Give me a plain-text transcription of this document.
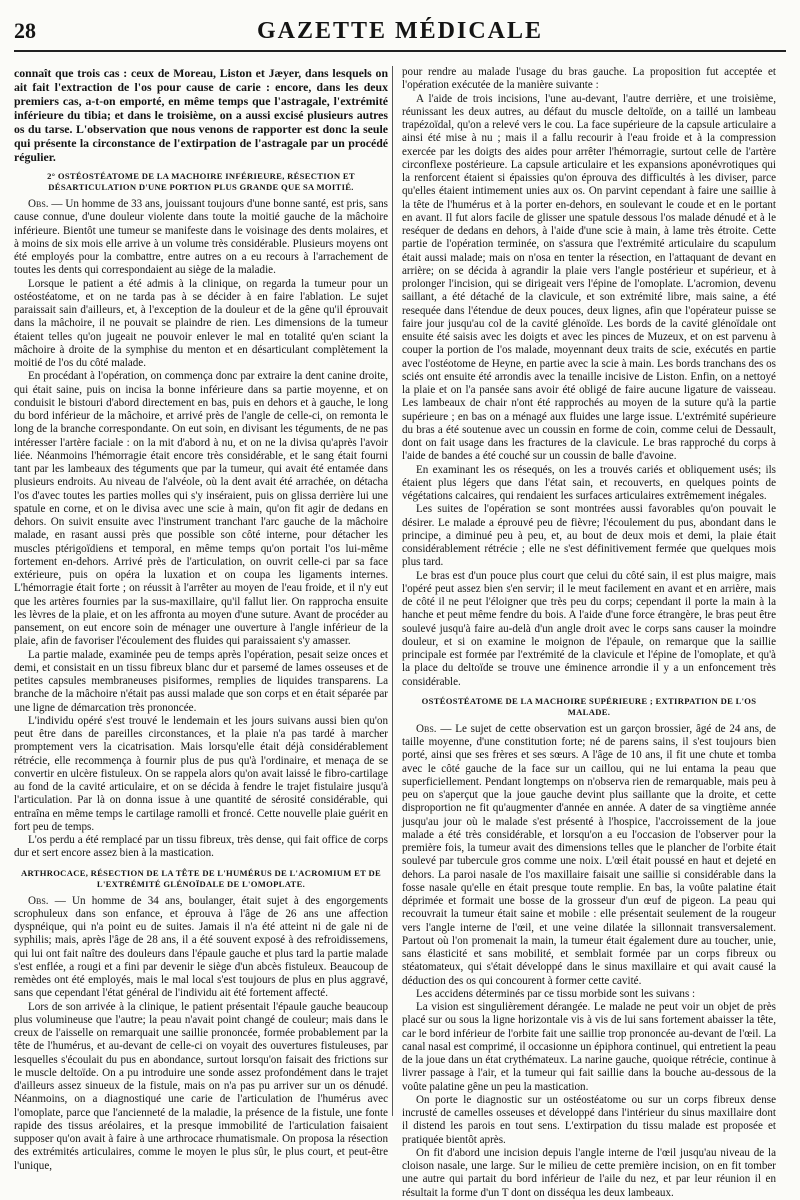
28	GAZETTE MÉDICALE

connaît que trois cas : ceux de Moreau, Liston et Jæyer, dans lesquels on ait fait l'extraction de l'os pour cause de carie : encore, dans les deux premiers cas, a-t-on emporté, en même temps que l'astragale, l'extrémité inférieure du tibia; et dans le troisième, on a aussi excisé plusieurs autres os du tarse. L'observation que nous venons de rapporter est donc la seule qui présente la circonstance de l'extirpation de l'astragale par un procédé régulier.

2° OSTÉOSTÉATOME DE LA MACHOIRE INFÉRIEURE, RÉSECTION ET DÉSARTICULATION D'UNE PORTION PLUS GRANDE QUE SA MOITIÉ.

Obs. — Un homme de 33 ans, jouissant toujours d'une bonne santé, est pris, sans cause connue, d'une douleur violente dans toute la moitié gauche de la mâchoire inférieure. Bientôt une tumeur se manifeste dans le voisinage des dents molaires, et à moins de six mois elle arrive à un volume très considérable. Plusieurs moyens ont été employés pour la combattre, entre autres on a eu recours à l'arrachement de toutes les dents qui correspondaient au siège de la maladie.

Lorsque le patient a été admis à la clinique, on regarda la tumeur pour un ostéostéatome, et on ne tarda pas à se décider à en faire l'ablation. Le sujet paraissait sain d'ailleurs, et, à l'exception de la douleur et de la gêne qu'il éprouvait dans la mâchoire, il ne pouvait se plaindre de rien. Les dimensions de la tumeur étaient telles qu'on jugeait ne pouvoir enlever le mal en totalité qu'en sciant la mâchoire à droite de la symphise du menton et en désarticulant complètement la moitié de l'os du côté malade.

En procédant à l'opération, on commença donc par extraire la dent canine droite, qui était saine, puis on incisa la bonne inférieure dans sa partie moyenne, et on conduisit le bistouri d'abord directement en bas, puis en dehors et à gauche, le long du bord inférieur de la mâchoire, et arrivé près de l'angle de celle-ci, on remonta le long de la branche correspondante. On eut soin, en divisant les téguments, de ne pas intéresser l'artère faciale : on la mit d'abord à nu, et on ne la divisa qu'après l'avoir liée. Néanmoins l'hémorragie était encore très considérable, et le sang était fourni tant par les lambeaux des téguments que par la tumeur, qui avait été entamée dans plusieurs endroits. Au niveau de l'alvéole, où la dent avait été arrachée, on détacha l'os d'avec toutes les parties molles qui s'y inséraient, puis on glissa derrière lui une spatule en corne, et on le divisa avec une scie à main, qu'on fit agir de dedans en dehors. On suivit ensuite avec l'instrument tranchant l'arc gauche de la mâchoire malade, en rasant aussi près que possible son côté interne, pour détacher les muscles ptérigoïdiens et temporal, en même temps qu'on portait l'os lui-même fortement en-dehors. Arrivé près de l'articulation, on ouvrit celle-ci par sa face extérieure, puis on opéra la luxation et on coupa les ligaments internes. L'hémorragie était forte ; on réussit à l'arrêter au moyen de l'eau froide, et il n'y eut que les artères fournies par la sus-maxillaire, qu'il fallut lier. On rapprocha ensuite les lèvres de la plaie, et on les affronta au moyen d'une suture. Avant de procéder au pansement, on eut encore soin de ménager une ouverture à l'angle inférieur de la plaie, afin de favoriser l'écoulement des fluides qui paraissaient s'y amasser.

La partie malade, examinée peu de temps après l'opération, pesait seize onces et demi, et consistait en un tissu fibreux blanc dur et parsemé de lames osseuses et de petites capsules membraneuses pisiformes, remplies de liquides transparens. La branche de la mâchoire n'était pas aussi malade que son corps et en était séparée par une ligne de démarcation très prononcée.

L'individu opéré s'est trouvé le lendemain et les jours suivans aussi bien qu'on peut être dans de pareilles circonstances, et la plaie n'a pas tardé à marcher promptement vers la cicatrisation. Mais lorsqu'elle était déjà considérablement rétrécie, elle recommença à fournir plus de pus qu'à l'ordinaire, et menaça de se convertir en ulcère fistuleux. On se rappela alors qu'on avait laissé le fibro-cartilage au fond de la cavité articulaire, et on se décida à fendre le trajet fistulaire jusqu'à l'articulation. Par là on donna issue à une quantité de sérosité considérable, qui entraîna en même temps le cartilage ramolli et froncé. Cette nouvelle plaie guérit en fort peu de temps.

L'os perdu a été remplacé par un tissu fibreux, très dense, qui fait office de corps dur et sert encore assez bien à la mastication.

ARTHROCACE, RÉSECTION DE LA TÊTE DE L'HUMÉRUS DE L'ACROMIUM ET DE L'EXTRÉMITÉ GLÉNOÏDALE DE L'OMOPLATE.

Obs. — Un homme de 34 ans, boulanger, était sujet à des engorgements scrophuleux dans son enfance, et éprouva à l'âge de 26 ans une affection dyspnéique, qui n'a point eu de suites. Jamais il n'a été atteint ni de gale ni de syphilis; mais, après l'âge de 28 ans, il a été souvent exposé à des refroidissemens, qui lui ont fait naître des douleurs dans l'épaule gauche et plus tard la partie malade s'est enflée, a rougi et a fini par devenir le siège d'un abcès fistuleux. Beaucoup de remèdes ont été employés, mais le mal local s'est toujours de plus en plus aggravé, sans que cependant l'état général de l'individu ait été fortement affecté.

Lors de son arrivée à la clinique, le patient présentait l'épaule gauche beaucoup plus volumineuse que l'autre; la peau n'avait point changé de couleur; mais dans le creux de l'aisselle on remarquait une saillie prononcée, formée probablement par la tête de l'humérus, et au-devant de celle-ci on voyait des ouvertures fistuleuses, par lesquelles s'écoulait du pus en abondance, surtout lorsqu'on faisait des frictions sur le muscle deltoïde. On a pu introduire une sonde assez profondément dans le trajet d'ailleurs assez sinueux de la fistule, mais on n'a pas pu arriver sur un os dénudé. Néanmoins, on a diagnostiqué une carie de l'articulation de l'humérus avec l'omoplate, parce que l'ancienneté de la maladie, la présence de la fistule, une fonte rapide des tissus aréolaires, et la presque immobilité de l'articulation faisaient supposer qu'on avait à faire à une arthrocace rhumatismale. On proposa la résection des extrémités articulaires, comme le moyen le plus sûr, le plus court, et peut-être l'unique,

pour rendre au malade l'usage du bras gauche. La proposition fut acceptée et l'opération exécutée de la manière suivante :

A l'aide de trois incisions, l'une au-devant, l'autre derrière, et une troisième, réunissant les deux autres, au défaut du muscle deltoïde, on a taillé un lambeau trapézoïdal, qu'on a relevé vers le cou. La face supérieure de la capsule articulaire a ainsi été mise à nu ; mais il a fallu recourir à l'eau froide et à la compression exercée par les doigts des aides pour arrêter l'hémorragie, surtout celle de l'artère circonflexe postérieure. La capsule articulaire et les expansions aponévrotiques qui la renforcent étaient si épaissies qu'on éprouva des difficultés à les diviser, parce qu'elles étaient intimement unies aux os. On parvint cependant à faire une saillie à la tête de l'humérus et à la porter en-dehors, en soulevant le coude et en le portant en avant. Il fut alors facile de glisser une spatule dessous l'os malade dénudé et à le reséquer de dedans en dehors, à l'aide d'une scie à main, à lame très étroite. Cette partie de l'opération terminée, on s'assura que l'extrémité articulaire du scapulum était aussi malade; mais on n'osa en tenter la résection, en l'attaquant de devant en arrière; on se décida à agrandir la plaie vers l'angle postérieur et supérieur, et à prolonger l'incision, qui se dirigeait vers l'épine de l'omoplate. L'acromion, devenu saillant, a été détaché de la clavicule, et son extrémité libre, mais saine, a été resequée dans l'étendue de deux pouces, deux lignes, afin que l'opérateur puisse se faire jour jusqu'au col de la cavité glénoïde. Les bords de la cavité glénoïdale ont ensuite été saisis avec les doigts et avec les pinces de Muzeux, et on est parvenu à couper la portion de l'os malade, moyennant deux traits de scie, exécutés en partie avec l'ostéotome de Heyne, en partie avec la scie à main. Les bords tranchans des os sciés ont ensuite été arrondis avec la tenaille incisive de Liston. Enfin, on a nettoyé la plaie et on l'a pansée sans avoir été obligé de faire aucune ligature de vaisseau. Les lambeaux de chair n'ont été rapprochés au moyen de la suture qu'à la partie supérieure ; en bas on a ménagé aux fluides une large issue. L'extrémité supérieure du bras a été soutenue avec un coussin en forme de coin, comme celui de Dessault, dont on fait usage dans les fractures de la clavicule. Le bras rapproché du corps à l'aide de bandes a été couché sur un coussin de balle d'avoine.

En examinant les os résequés, on les a trouvés cariés et obliquement usés; ils étaient plus légers que dans l'état sain, et recouverts, en quelques points de végétations calcaires, qui rendaient les surfaces articulaires extrêmement inégales.

Les suites de l'opération se sont montrées aussi favorables qu'on pouvait le désirer. Le malade a éprouvé peu de fièvre; l'écoulement du pus, abondant dans le principe, a diminué peu à peu, et, au bout de deux mois et demi, la plaie était considérablement rétrécie ; elle ne s'est définitivement fermée que quelques mois plus tard.

Le bras est d'un pouce plus court que celui du côté sain, il est plus maigre, mais l'opéré peut assez bien s'en servir; il le meut facilement en avant et en arrière, mais de côté il ne peut l'éloigner que très peu du corps; cependant il porte la main à la hanche et peut même fendre du bois. A l'aide d'une force étrangère, le bras peut être soulevé jusqu'à faire au-delà d'un angle droit avec le corps sans causer la moindre douleur, et si on examine le moignon de l'épaule, on remarque que la saillie principale est formée par l'extrémité de la clavicule et l'épine de l'omoplate, et qu'à la place du deltoïde se trouve une éminence arrondie il y a un enfoncement très considérable.

OSTÉOSTÉATOME DE LA MACHOIRE SUPÉRIEURE ; EXTIRPATION DE L'OS MALADE.

Obs. — Le sujet de cette observation est un garçon brossier, âgé de 24 ans, de taille moyenne, d'une constitution forte; né de parens sains, il s'est toujours bien porté, ainsi que ses frères et ses sœurs. A l'âge de 10 ans, il fit une chute et tomba avec le côté gauche de la face sur un caillou, qui ne lui entama la peau que superficiellement. Pendant longtemps on n'observa rien de remarquable, mais peu à peu on s'aperçut que la joue gauche devint plus saillante que la droite, et cette disproportion ne fit qu'augmenter d'année en année. A dater de sa vingtième année jusqu'au jour où le malade s'est présenté à l'hospice, l'accroissement de la joue malade a été très considérable, et lorsqu'on a eu l'occasion de l'observer pour la première fois, la tumeur avait des dimensions telles que le plancher de l'orbite était soulevé par tubercule gros comme une noix. L'œil était poussé en haut et dejeté en dehors. La paroi nasale de l'os maxillaire faisait une saillie si considérable dans la fosse nasale qu'elle en était presque toute remplie. En bas, la voûte palatine était déprimée et formait une bosse de la grosseur d'un œuf de pigeon. La peau qui recouvrait la tumeur était saine et mobile : elle présentait seulement de la rougeur vers l'angle interne de l'œil, et une veine dilatée la sillonnait transversalement. Partout où l'on promenait la main, la tumeur était également dure au toucher, unie, sans élasticité et sans mobilité, et semblait formée par un corps fibreux ou stéatomateux, qui s'était développé dans le sinus maxillaire et qui avait causé la déduction des os qui concourent à former cette cavité.

Les accidens déterminés par ce tissu morbide sont les suivans :

La vision est singulièrement dérangée. Le malade ne peut voir un objet de près placé sur ou sous la ligne horizontale vis à vis de lui sans fortement abaisser la tête, car le bord inférieur de l'orbite fait une saillie trop prononcée au-devant de l'œil. La canal nasal est comprimé, il occasionne un épiphora continuel, qui entretient la peau de la joue dans un état crythémateux. La narine gauche, quoique rétrécie, continue à livrer passage à l'air, et la tumeur qui fait saillie dans la bouche au-dessous de la voûte palatine gêne un peu la mastication.

On porte le diagnostic sur un ostéostéatome ou sur un corps fibreux dense incrusté de camelles osseuses et développé dans l'intérieur du sinus maxillaire dont il distend les parois en tout sens. L'extirpation du tissu malade est proposée et pratiquée bientôt après.

On fit d'abord une incision depuis l'angle interne de l'œil jusqu'au niveau de la cloison nasale, une large. Sur le milieu de cette première incision, on en fit tomber une autre qui partait du bord inférieur de l'aile du nez, et par leur réunion il en résultait la forme d'un T dont on disséqua les deux lambeaux.
